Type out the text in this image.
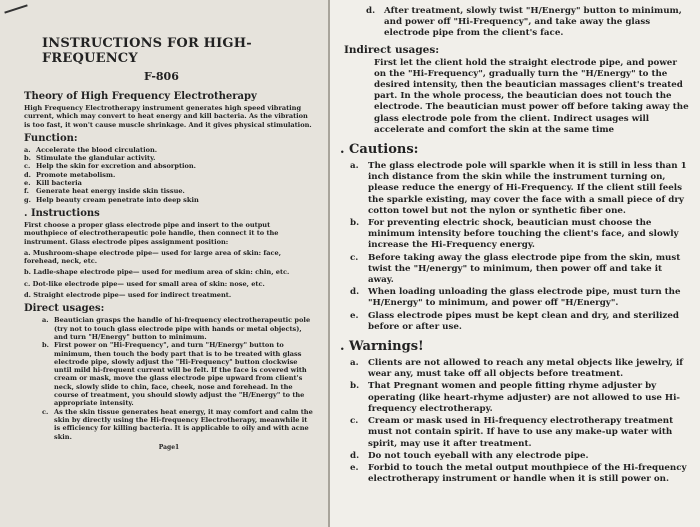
INSTRUCTIONS FOR HIGH-FREQUENCY
F-806
Theory of High Frequency Electrotherapy

High Frequency Electrotherapy instrument generates high speed vibrating current, which may convert to heat energy and kill bacteria. As the vibration is too fast, it won't cause muscle shrinkage. And it gives physical stimulation.

Function:
a. Accelerate the blood circulation.
b. Stimulate the glandular activity.
c. Help the skin for excretion and absorption.
d. Promote metabolism.
e. Kill bacteria
f. Generate heat energy inside skin tissue.
g. Help beauty cream penetrate into deep skin
. Instructions

First choose a proper glass electrode pipe and insert to the output mouthpiece of electrotherapeutic pole handle, then connect it to the instrument. Glass electrode pipes assignment position:

a. Mushroom-shape electrode pipe— used for large area of skin: face, forehead, neck, etc.

b. Ladle-shape electrode pipe— used for medium area of skin: chin, etc.

c. Dot-like electrode pipe— used for small area of skin: nose, etc.

d. Straight electrode pipe— used for indirect treatment.

Direct usages:
a. Beautician grasps the handle of hi-frequency electrotherapeutic pole (try not to touch glass electrode pipe with hands or metal objects), and turn "H/Energy" button to minimum.
b. First power on "Hi-Frequency", and turn "H/Energy" button to minimum, then touch the body part that is to be treated with glass electrode pipe, slowly adjust the "Hi-Frequency" button clockwise until mild hi-frequent current will be felt. If the face is covered with cream or mask, move the glass electrode pipe upward from client's neck, slowly slide to chin, face, cheek, nose and forehead. In the course of treatment, you should slowly adjust the "H/Energy" to the appropriate intensity.
c. As the skin tissue generates heat energy, it may comfort and calm the skin by directly using the Hi-frequency Electrotherapy, meanwhile it is efficiency for killing bacteria. It is applicable to oily and with acne skin.
Page1
d. After treatment, slowly twist "H/Energy" button to minimum, and power off "Hi-Frequency", and take away the glass electrode pipe from the client's face.
Indirect usages:

First let the client hold the straight electrode pipe, and power on the "Hi-Frequency", gradually turn the "H/Energy" to the desired intensity, then the beautician massages client's treated part. In the whole process, the beautician does not touch the electrode. The beautician must power off before taking away the glass electrode pole from the client. Indirect usages will accelerate and comfort the skin at the same time

. Cautions:
a. The glass electrode pole will sparkle when it is still in less than 1 inch distance from the skin while the instrument turning on, please reduce the energy of Hi-Frequency. If the client still feels the sparkle existing, may cover the face with a small piece of dry cotton towel but not the nylon or synthetic fiber one.
b. For preventing electric shock, beautician must choose the minimum intensity before touching the client's face, and slowly increase the Hi-Frequency energy.
c. Before taking away the glass electrode pipe from the skin, must twist the "H/energy" to minimum, then power off and take it away.
d. When loading unloading the glass electrode pipe, must turn the "H/Energy" to minimum, and power off "H/Energy".
e. Glass electrode pipes must be kept clean and dry, and sterilized before or after use.
. Warnings!
a. Clients are not allowed to reach any metal objects like jewelry, if wear any, must take off all objects before treatment.
b. That Pregnant women and people fitting rhyme adjuster by operating (like heart-rhyme adjuster) are not allowed to use Hi-frequency electrotherapy.
c. Cream or mask used in Hi-frequency electrotherapy treatment must not contain spirit. If have to use any make-up water with spirit, may use it after treatment.
d. Do not touch eyeball with any electrode pipe.
e. Forbid to touch the metal output mouthpiece of the Hi-frequency electrotherapy instrument or handle when it is still power on.
